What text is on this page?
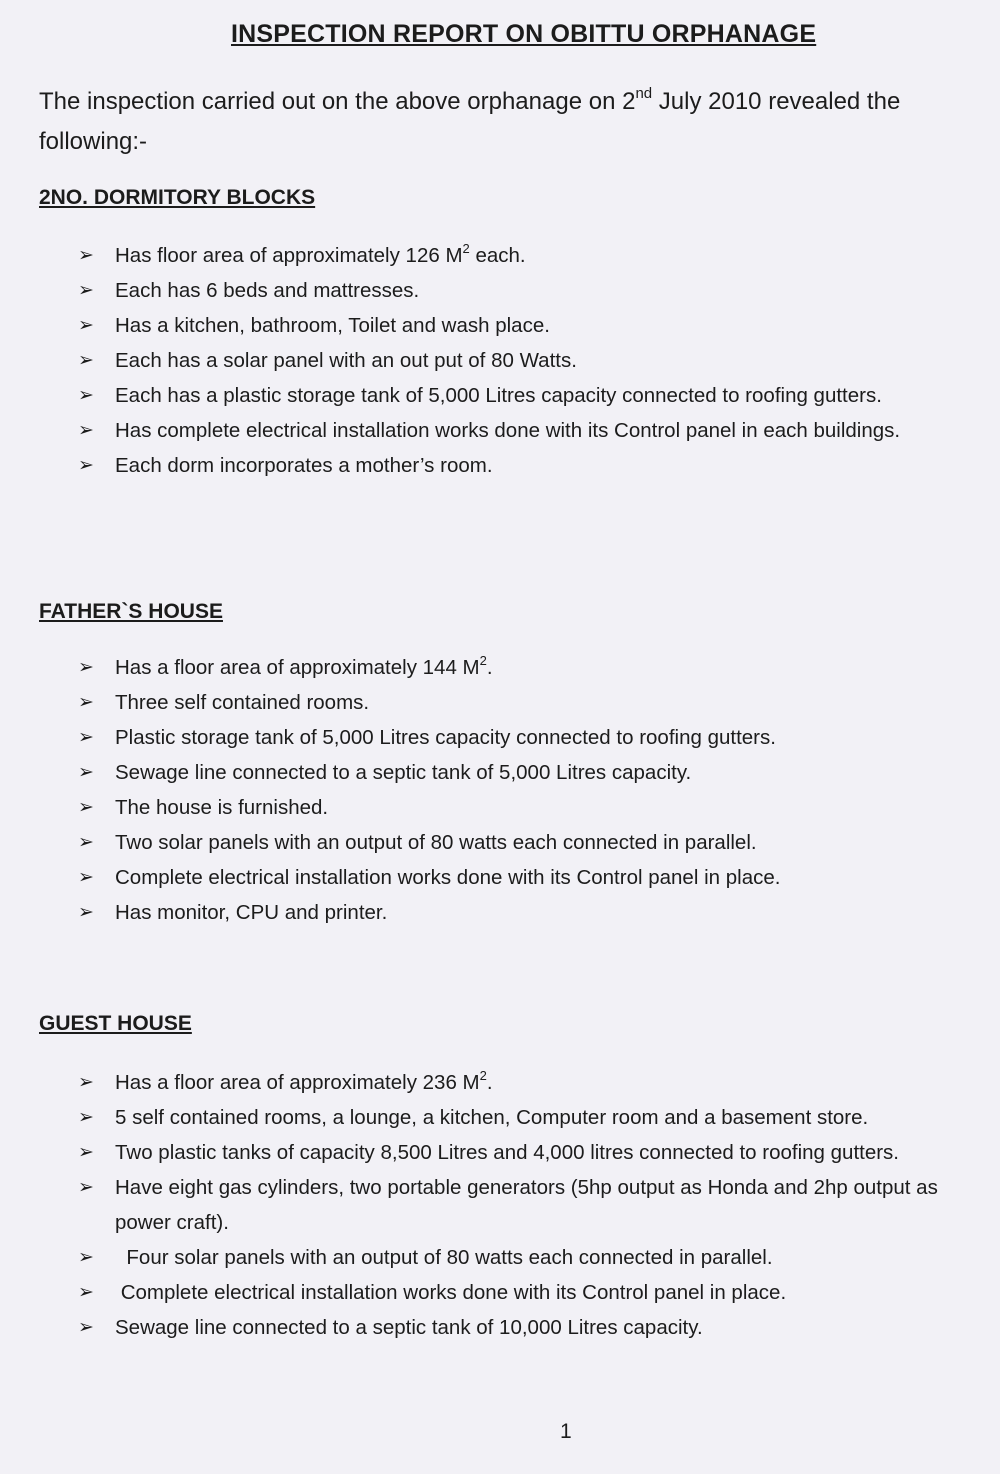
INSPECTION REPORT ON OBITTU ORPHANAGE
The inspection carried out on the above orphanage on 2nd July 2010 revealed the following:-
2NO. DORMITORY BLOCKS
➢ Has floor area of approximately 126 $M^2$ each.
➢ Each has 6 beds and mattresses.
➢ Has a kitchen, bathroom, Toilet and wash place.
➢ Each has a solar panel with an out put of 80 Watts.
➢ Each has a plastic storage tank of 5,000 Litres capacity connected to roofing gutters.
➢ Has complete electrical installation works done with its Control panel in each buildings.
➢ Each dorm incorporates a mother’s room.
FATHER`S HOUSE
➢ Has a floor area of approximately 144 $M^2$.
➢ Three self contained rooms.
➢ Plastic storage tank of 5,000 Litres capacity connected to roofing gutters.
➢ Sewage line connected to a septic tank of 5,000 Litres capacity.
➢ The house is furnished.
➢ Two solar panels with an output of 80 watts each connected in parallel.
➢ Complete electrical installation works done with its Control panel in place.
➢ Has monitor, CPU and printer.
GUEST HOUSE
➢ Has a floor area of approximately 236 $M^2$.
➢ 5 self contained rooms, a lounge, a kitchen, Computer room and a basement store.
➢ Two plastic tanks of capacity 8,500 Litres and 4,000 litres connected to roofing gutters.
➢ Have eight gas cylinders, two portable generators (5hp output as Honda and 2hp output as power craft).
➢ Four solar panels with an output of 80 watts each connected in parallel.
➢ Complete electrical installation works done with its Control panel in place.
➢ Sewage line connected to a septic tank of 10,000 Litres capacity.
1
